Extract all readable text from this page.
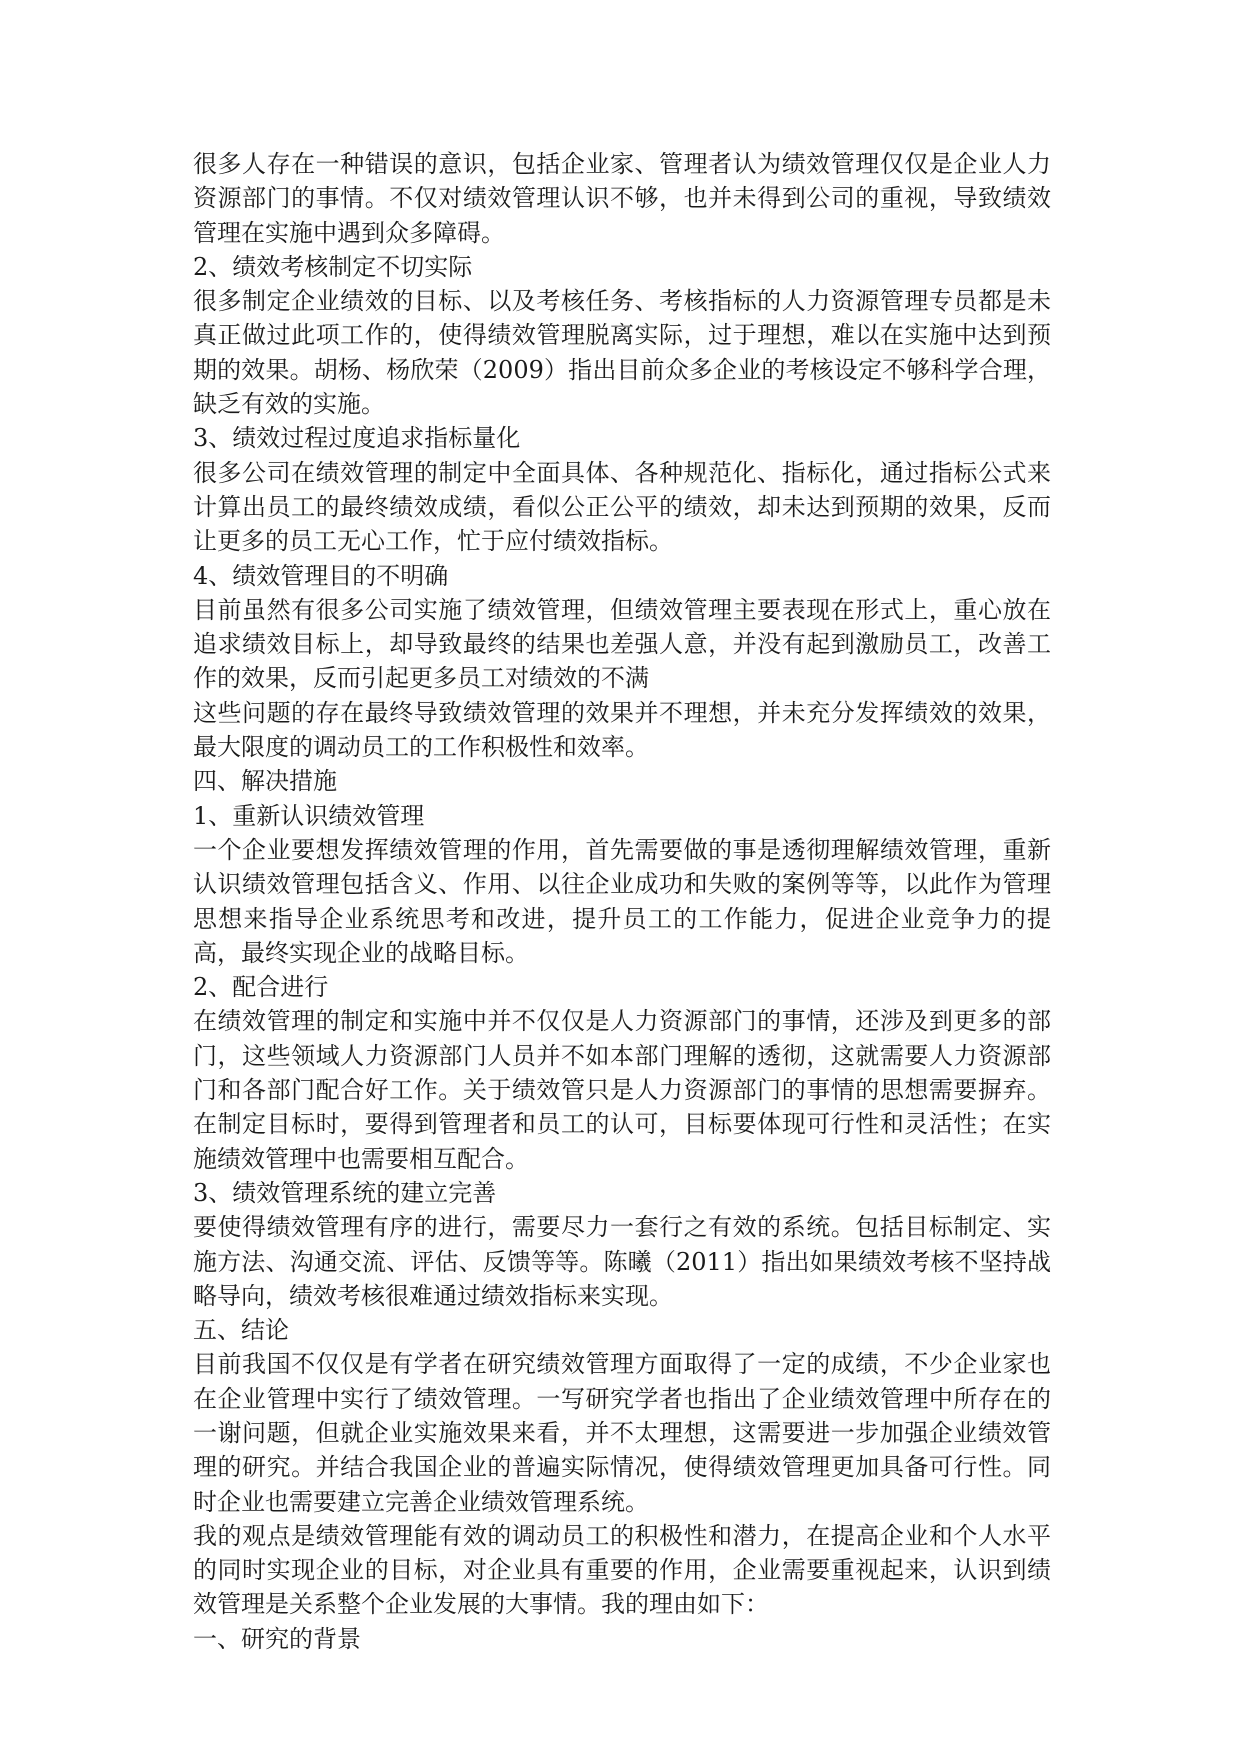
很多人存在一种错误的意识，包括企业家、管理者认为绩效管理仅仅是企业人力资源部门的事情。不仅对绩效管理认识不够，也并未得到公司的重视，导致绩效管理在实施中遇到众多障碍。

2、绩效考核制定不切实际

很多制定企业绩效的目标、以及考核任务、考核指标的人力资源管理专员都是未真正做过此项工作的，使得绩效管理脱离实际，过于理想，难以在实施中达到预期的效果。胡杨、杨欣荣（2009）指出目前众多企业的考核设定不够科学合理，缺乏有效的实施。

3、绩效过程过度追求指标量化

很多公司在绩效管理的制定中全面具体、各种规范化、指标化，通过指标公式来计算出员工的最终绩效成绩，看似公正公平的绩效，却未达到预期的效果，反而让更多的员工无心工作，忙于应付绩效指标。

4、绩效管理目的不明确

目前虽然有很多公司实施了绩效管理，但绩效管理主要表现在形式上，重心放在追求绩效目标上，却导致最终的结果也差强人意，并没有起到激励员工，改善工作的效果，反而引起更多员工对绩效的不满

这些问题的存在最终导致绩效管理的效果并不理想，并未充分发挥绩效的效果，最大限度的调动员工的工作积极性和效率。

四、解决措施

1、重新认识绩效管理

一个企业要想发挥绩效管理的作用，首先需要做的事是透彻理解绩效管理，重新认识绩效管理包括含义、作用、以往企业成功和失败的案例等等，以此作为管理思想来指导企业系统思考和改进，提升员工的工作能力，促进企业竞争力的提高，最终实现企业的战略目标。

2、配合进行

在绩效管理的制定和实施中并不仅仅是人力资源部门的事情，还涉及到更多的部门，这些领域人力资源部门人员并不如本部门理解的透彻，这就需要人力资源部门和各部门配合好工作。关于绩效管只是人力资源部门的事情的思想需要摒弃。在制定目标时，要得到管理者和员工的认可，目标要体现可行性和灵活性；在实施绩效管理中也需要相互配合。

3、绩效管理系统的建立完善

要使得绩效管理有序的进行，需要尽力一套行之有效的系统。包括目标制定、实施方法、沟通交流、评估、反馈等等。陈曦（2011）指出如果绩效考核不坚持战略导向，绩效考核很难通过绩效指标来实现。

五、结论

目前我国不仅仅是有学者在研究绩效管理方面取得了一定的成绩，不少企业家也在企业管理中实行了绩效管理。一写研究学者也指出了企业绩效管理中所存在的一谢问题，但就企业实施效果来看，并不太理想，这需要进一步加强企业绩效管理的研究。并结合我国企业的普遍实际情况，使得绩效管理更加具备可行性。同时企业也需要建立完善企业绩效管理系统。

我的观点是绩效管理能有效的调动员工的积极性和潜力，在提高企业和个人水平的同时实现企业的目标，对企业具有重要的作用，企业需要重视起来，认识到绩效管理是关系整个企业发展的大事情。我的理由如下：

一、研究的背景
